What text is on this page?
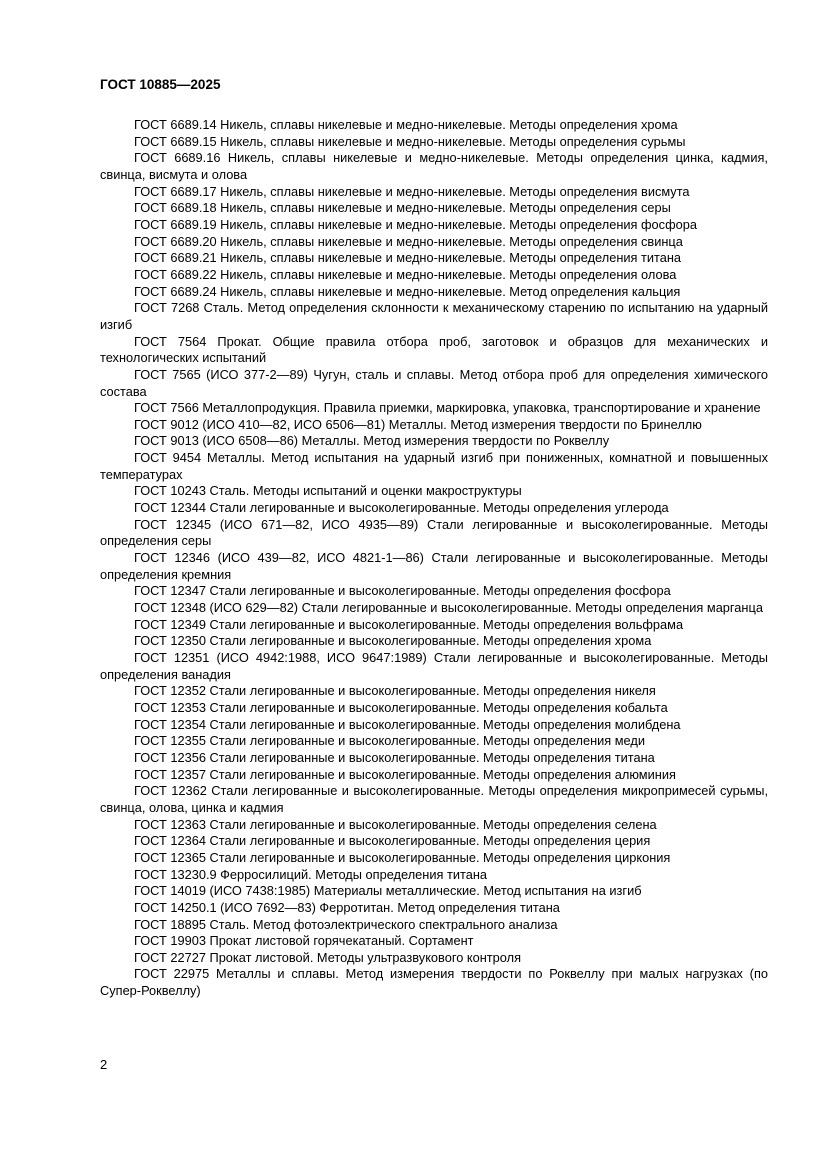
ГОСТ 10885—2025

ГОСТ 6689.14 Никель, сплавы никелевые и медно-никелевые. Методы определения хрома

ГОСТ 6689.15 Никель, сплавы никелевые и медно-никелевые. Методы определения сурьмы

ГОСТ 6689.16 Никель, сплавы никелевые и медно-никелевые. Методы определения цинка, кадмия, свинца, висмута и олова

ГОСТ 6689.17 Никель, сплавы никелевые и медно-никелевые. Методы определения висмута

ГОСТ 6689.18 Никель, сплавы никелевые и медно-никелевые. Методы определения серы

ГОСТ 6689.19 Никель, сплавы никелевые и медно-никелевые. Методы определения фосфора

ГОСТ 6689.20 Никель, сплавы никелевые и медно-никелевые. Методы определения свинца

ГОСТ 6689.21 Никель, сплавы никелевые и медно-никелевые. Методы определения титана

ГОСТ 6689.22 Никель, сплавы никелевые и медно-никелевые. Методы определения олова

ГОСТ 6689.24 Никель, сплавы никелевые и медно-никелевые. Метод определения кальция

ГОСТ 7268 Сталь. Метод определения склонности к механическому старению по испытанию на ударный изгиб

ГОСТ 7564 Прокат. Общие правила отбора проб, заготовок и образцов для механических и технологических испытаний

ГОСТ 7565 (ИСО 377-2—89) Чугун, сталь и сплавы. Метод отбора проб для определения химического состава

ГОСТ 7566 Металлопродукция. Правила приемки, маркировка, упаковка, транспортирование и хранение

ГОСТ 9012 (ИСО 410—82, ИСО 6506—81) Металлы. Метод измерения твердости по Бринеллю

ГОСТ 9013 (ИСО 6508—86) Металлы. Метод измерения твердости по Роквеллу

ГОСТ 9454 Металлы. Метод испытания на ударный изгиб при пониженных, комнатной и повышенных температурах

ГОСТ 10243 Сталь. Методы испытаний и оценки макроструктуры

ГОСТ 12344 Стали легированные и высоколегированные. Методы определения углерода

ГОСТ 12345 (ИСО 671—82, ИСО 4935—89) Стали легированные и высоколегированные. Методы определения серы

ГОСТ 12346 (ИСО 439—82, ИСО 4821-1—86) Стали легированные и высоколегированные. Методы определения кремния

ГОСТ 12347 Стали легированные и высоколегированные. Методы определения фосфора

ГОСТ 12348 (ИСО 629—82) Стали легированные и высоколегированные. Методы определения марганца

ГОСТ 12349 Стали легированные и высоколегированные. Методы определения вольфрама

ГОСТ 12350 Стали легированные и высоколегированные. Методы определения хрома

ГОСТ 12351 (ИСО 4942:1988, ИСО 9647:1989) Стали легированные и высоколегированные. Методы определения ванадия

ГОСТ 12352 Стали легированные и высоколегированные. Методы определения никеля

ГОСТ 12353 Стали легированные и высоколегированные. Методы определения кобальта

ГОСТ 12354 Стали легированные и высоколегированные. Методы определения молибдена

ГОСТ 12355 Стали легированные и высоколегированные. Методы определения меди

ГОСТ 12356 Стали легированные и высоколегированные. Методы определения титана

ГОСТ 12357 Стали легированные и высоколегированные. Методы определения алюминия

ГОСТ 12362 Стали легированные и высоколегированные. Методы определения микропримесей сурьмы, свинца, олова, цинка и кадмия

ГОСТ 12363 Стали легированные и высоколегированные. Методы определения селена

ГОСТ 12364 Стали легированные и высоколегированные. Методы определения церия

ГОСТ 12365 Стали легированные и высоколегированные. Методы определения циркония

ГОСТ 13230.9 Ферросилиций. Методы определения титана

ГОСТ 14019 (ИСО 7438:1985) Материалы металлические. Метод испытания на изгиб

ГОСТ 14250.1 (ИСО 7692—83) Ферротитан. Метод определения титана

ГОСТ 18895 Сталь. Метод фотоэлектрического спектрального анализа

ГОСТ 19903 Прокат листовой горячекатаный. Сортамент

ГОСТ 22727 Прокат листовой. Методы ультразвукового контроля

ГОСТ 22975 Металлы и сплавы. Метод измерения твердости по Роквеллу при малых нагрузках (по Супер-Роквеллу)

2
